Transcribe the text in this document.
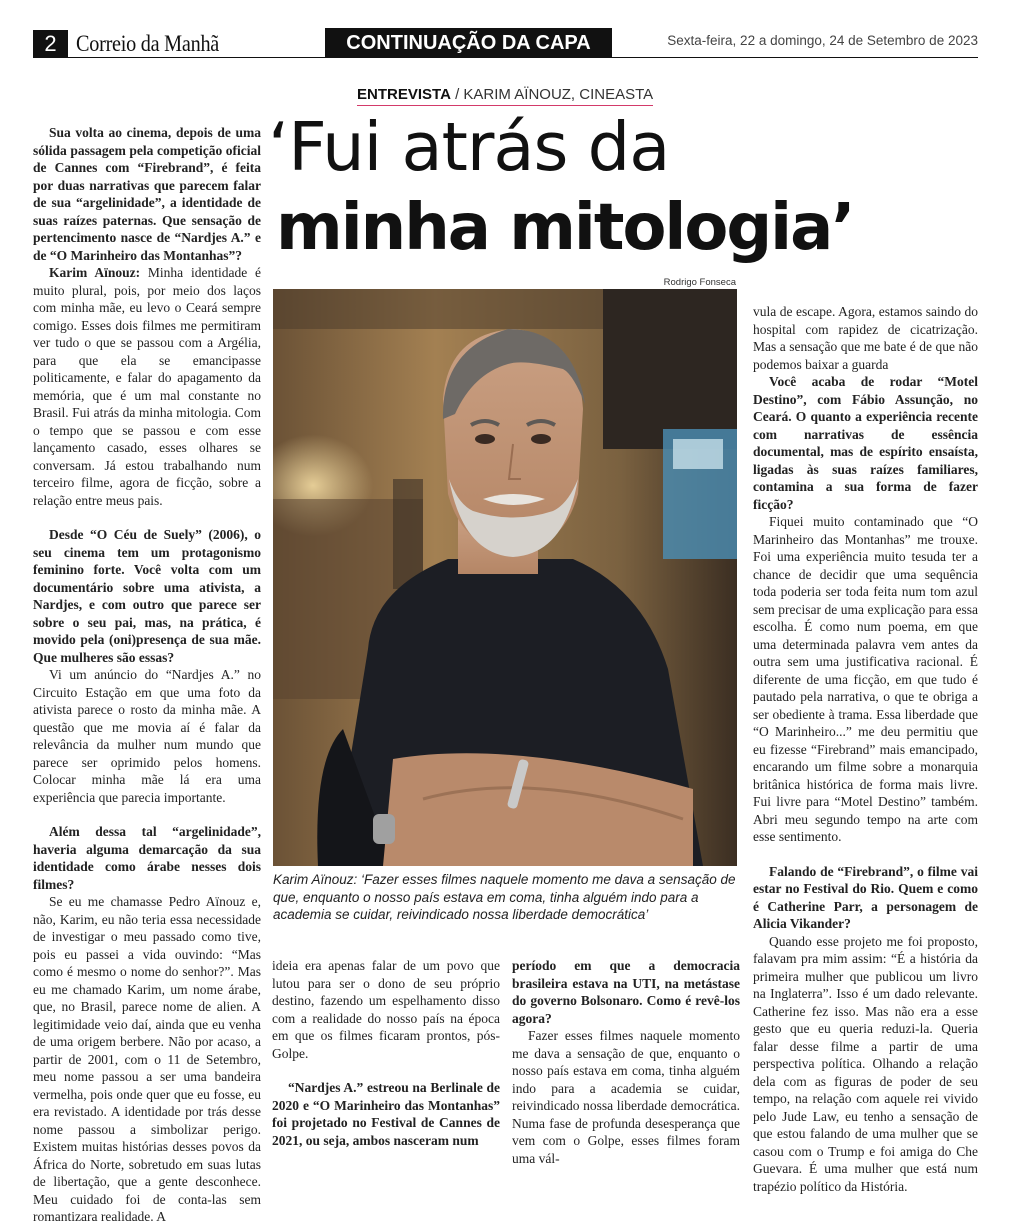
2 Correio da Manhã	CONTINUAÇÃO DA CAPA	Sexta-feira, 22 a domingo, 24 de Setembro de 2023
ENTREVISTA / KARIM AÏNOUZ, CINEASTA
‘Fui atrás da
minha mitologia’

Sua volta ao cinema, depois de uma sólida passagem pela competição oficial de Cannes com “Firebrand”, é feita por duas narrativas que parecem falar de sua “argelinidade”, a identidade de suas raízes paternas. Que sensação de pertencimento nasce de “Nardjes A.” e de “O Marinheiro das Montanhas”?

Karim Aïnouz: Minha identidade é muito plural, pois, por meio dos laços com minha mãe, eu levo o Ceará sempre comigo. Esses dois filmes me permitiram ver tudo o que se passou com a Argélia, para que ela se emancipasse politicamente, e falar do apagamento da memória, que é um mal constante no Brasil. Fui atrás da minha mitologia. Com o tempo que se passou e com esse lançamento casado, esses olhares se conversam. Já estou trabalhando num terceiro filme, agora de ficção, sobre a relação entre meus pais.

Desde “O Céu de Suely” (2006), o seu cinema tem um protagonismo feminino forte. Você volta com um documentário sobre uma ativista, a Nardjes, e com outro que parece ser sobre o seu pai, mas, na prática, é movido pela (oni)presença de sua mãe. Que mulheres são essas?

Vi um anúncio do “Nardjes A.” no Circuito Estação em que uma foto da ativista parece o rosto da minha mãe. A questão que me movia aí é falar da relevância da mulher num mundo que parece ser oprimido pelos homens. Colocar minha mãe lá era uma experiência que parecia importante.

Além dessa tal “argelinidade”, haveria alguma demarcação da sua identidade como árabe nesses dois filmes?

Se eu me chamasse Pedro Aïnouz e, não, Karim, eu não teria essa necessidade de investigar o meu passado como tive, pois eu passei a vida ouvindo: “Mas como é mesmo o nome do senhor?”. Mas eu me chamado Karim, um nome árabe, que, no Brasil, parece nome de alien. A legitimidade veio daí, ainda que eu venha de uma origem berbere. Não por acaso, a partir de 2001, com o 11 de Setembro, meu nome passou a ser uma bandeira vermelha, pois onde quer que eu fosse, eu era revistado. A identidade por trás desse nome passou a simbolizar perigo. Existem muitas histórias desses povos da África do Norte, sobretudo em suas lutas de libertação, que a gente desconhece. Meu cuidado foi de conta-las sem romantizara realidade. A

Rodrigo Fonseca
Karim Aïnouz: ‘Fazer esses filmes naquele momento me dava a sensação de que, enquanto o nosso país estava em coma, tinha alguém indo para a academia se cuidar, reivindicado nossa liberdade democrática’

ideia era apenas falar de um povo que lutou para ser o dono de seu próprio destino, fazendo um espelhamento disso com a realidade do nosso país na época em que os filmes ficaram prontos, pós-Golpe.

“Nardjes A.” estreou na Berlinale de 2020 e “O Marinheiro das Montanhas” foi projetado no Festival de Cannes de 2021, ou seja, ambos nasceram num

período em que a democracia brasileira estava na UTI, na metástase do governo Bolsonaro. Como é revê-los agora?

Fazer esses filmes naquele momento me dava a sensação de que, enquanto o nosso país estava em coma, tinha alguém indo para a academia se cuidar, reivindicado nossa liberdade democrática. Numa fase de profunda desesperança que vem com o Golpe, esses filmes foram uma vál-

vula de escape. Agora, estamos saindo do hospital com rapidez de cicatrização. Mas a sensação que me bate é de que não podemos baixar a guarda

Você acaba de rodar “Motel Destino”, com Fábio Assunção, no Ceará. O quanto a experiência recente com narrativas de essência documental, mas de espírito ensaísta, ligadas às suas raízes familiares, contamina a sua forma de fazer ficção?

Fiquei muito contaminado que “O Marinheiro das Montanhas” me trouxe. Foi uma experiência muito tesuda ter a chance de decidir que uma sequência toda poderia ser toda feita num tom azul sem precisar de uma explicação para essa escolha. É como num poema, em que uma determinada palavra vem antes da outra sem uma justificativa racional. É diferente de uma ficção, em que tudo é pautado pela narrativa, o que te obriga a ser obediente à trama. Essa liberdade que “O Marinheiro...” me deu permitiu que eu fizesse “Firebrand” mais emancipado, encarando um filme sobre a monarquia britânica histórica de forma mais livre. Fui livre para “Motel Destino” também. Abri meu segundo tempo na arte com esse sentimento.

Falando de “Firebrand”, o filme vai estar no Festival do Rio. Quem e como é Catherine Parr, a personagem de Alicia Vikander?

Quando esse projeto me foi proposto, falavam pra mim assim: “É a história da primeira mulher que publicou um livro na Inglaterra”. Isso é um dado relevante. Catherine fez isso. Mas não era a esse gesto que eu queria reduzi-la. Queria falar desse filme a partir de uma perspectiva política. Olhando a relação dela com as figuras de poder de seu tempo, na relação com aquele rei vivido pelo Jude Law, eu tenho a sensação de que estou falando de uma mulher que se casou com o Trump e foi amiga do Che Guevara. É uma mulher que está num trapézio político da História.
